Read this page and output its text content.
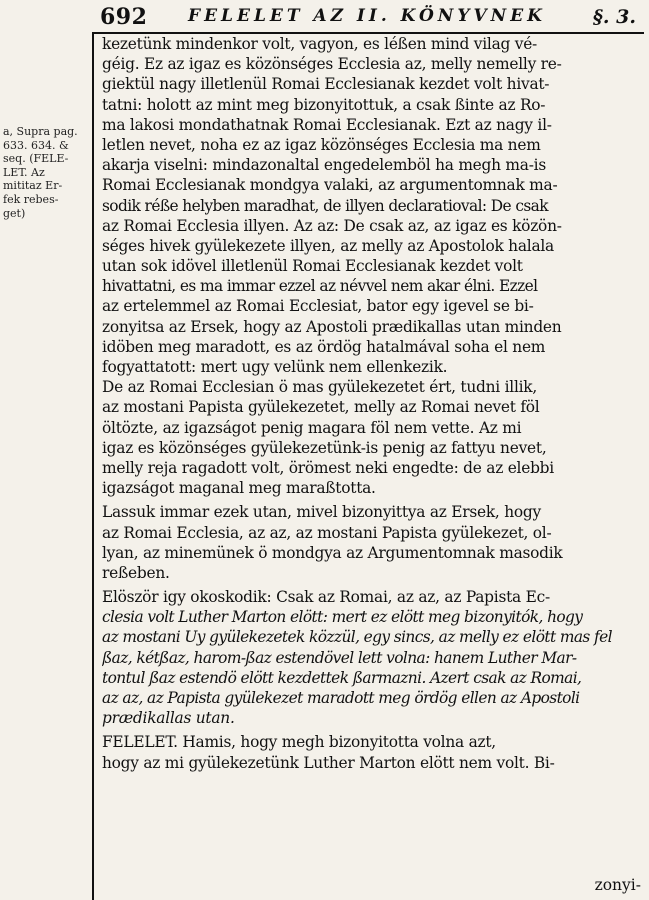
692 FELELET AZ II. KÖNYVNEK §. 3.
a, Supra pag.
633. 634. &
seq. (FELE-
LET. Az
mititaz Er-
fek rebes-
get)
kezetünk mindenkor volt, vagyon, es léßen mind vilag vé-
géig. Ez az igaz es közönséges Ecclesia az, melly nemelly re-
giektül nagy illetlenül Romai Ecclesianak kezdet volt hivat-
tatni: holott az mint meg bizonyitottuk, a csak ßinte az Ro-
ma lakosi mondathatnak Romai Ecclesianak. Ezt az nagy il-
letlen nevet, noha ez az igaz közönséges Ecclesia ma nem
akarja viselni: mindazonaltal engedelemböl ha megh ma-is
Romai Ecclesianak mondgya valaki, az argumentomnak ma-
sodik réße helyben maradhat, de illyen declaratioval: De csak
az Romai Ecclesia illyen. Az az: De csak az, az igaz es közön-
séges hivek gyülekezete illyen, az melly az Apostolok halala
utan sok idövel illetlenül Romai Ecclesianak kezdet volt
hivattatni, es ma immar ezzel az névvel nem akar élni. Ezzel
az ertelemmel az Romai Ecclesiat, bator egy igevel se bi-
zonyitsa az Ersek, hogy az Apostoli prædikallas utan minden
idöben meg maradott, es az ördög hatalmával soha el nem
fogyattatott: mert ugy velünk nem ellenkezik.
De az Romai Ecclesian ö mas gyülekezetet ért, tudni illik,
az mostani Papista gyülekezetet, melly az Romai nevet föl
öltözte, az igazságot penig magara föl nem vette. Az mi
igaz es közönséges gyülekezetünk-is penig az fattyu nevet,
melly reja ragadott volt, örömest neki engedte: de az elebbi
igazságot maganal meg maraßtotta.
Lassuk immar ezek utan, mivel bizonyittya az Ersek, hogy
az Romai Ecclesia, az az, az mostani Papista gyülekezet, ol-
lyan, az minemünek ö mondgya az Argumentomnak masodik
reßeben.
Elöször igy okoskodik: Csak az Romai, az az, az Papista Ec-
clesia volt Luther Marton elött: mert ez elött meg bizonyitók, hogy
az mostani Uy gyülekezetek közzül, egy sincs, az melly ez elött mas fel
ßaz, kétßaz, harom-ßaz estendövel lett volna: hanem Luther Mar-
tontul ßaz estendö elött kezdettek ßarmazni. Azert csak az Romai,
az az, az Papista gyülekezet maradott meg ördög ellen az Apostoli
prædikallas utan.
FELELET. Hamis, hogy megh bizonyitotta volna azt,
hogy az mi gyülekezetünk Luther Marton elött nem volt. Bi-
zonyi-
